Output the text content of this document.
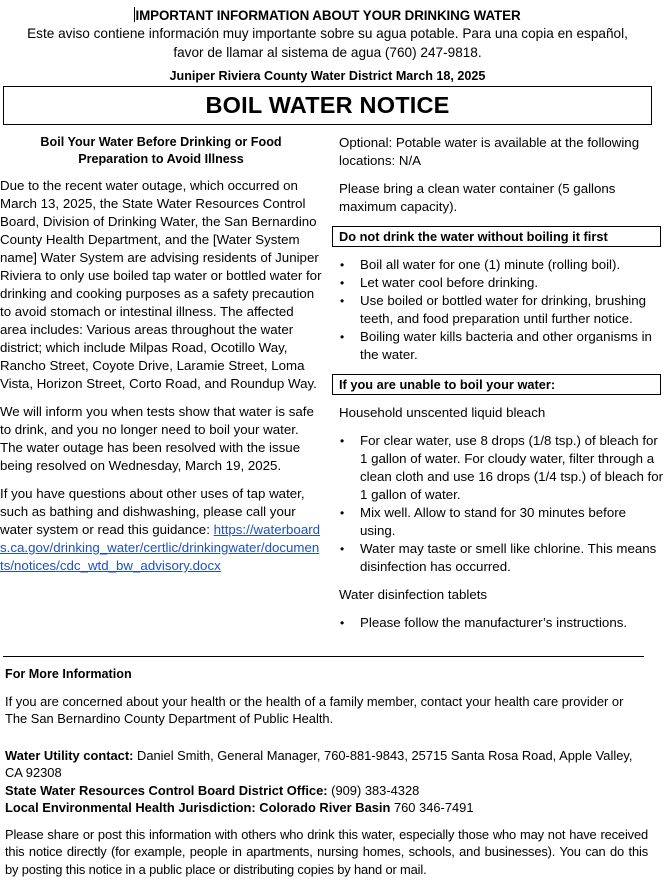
IMPORTANT INFORMATION ABOUT YOUR DRINKING WATER
Este aviso contiene información muy importante sobre su agua potable. Para una copia en español, favor de llamar al sistema de agua (760) 247-9818.
Juniper Riviera County Water District March 18, 2025
BOIL WATER NOTICE
Boil Your Water Before Drinking or Food Preparation to Avoid Illness

Due to the recent water outage, which occurred on March 13, 2025, the State Water Resources Control Board, Division of Drinking Water, the San Bernardino County Health Department, and the [Water System name] Water System are advising residents of Juniper Riviera to only use boiled tap water or bottled water for drinking and cooking purposes as a safety precaution to avoid stomach or intestinal illness. The affected area includes: Various areas throughout the water district; which include Milpas Road, Ocotillo Way, Rancho Street, Coyote Drive, Laramie Street, Loma Vista, Horizon Street, Corto Road, and Roundup Way.

We will inform you when tests show that water is safe to drink, and you no longer need to boil your water. The water outage has been resolved with the issue being resolved on Wednesday, March 19, 2025.

If you have questions about other uses of tap water, such as bathing and dishwashing, please call your water system or read this guidance: https://waterboards.ca.gov/drinking_water/certlic/drinkingwater/documents/notices/cdc_wtd_bw_advisory.docx

Optional: Potable water is available at the following locations: N/A

Please bring a clean water container (5 gallons maximum capacity).

Do not drink the water without boiling it first
• Boil all water for one (1) minute (rolling boil).
• Let water cool before drinking.
• Use boiled or bottled water for drinking, brushing teeth, and food preparation until further notice.
• Boiling water kills bacteria and other organisms in the water.
If you are unable to boil your water:

Household unscented liquid bleach

• For clear water, use 8 drops (1/8 tsp.) of bleach for 1 gallon of water. For cloudy water, filter through a clean cloth and use 16 drops (1/4 tsp.) of bleach for 1 gallon of water.
• Mix well. Allow to stand for 30 minutes before using.
• Water may taste or smell like chlorine. This means disinfection has occurred.

Water disinfection tablets

• Please follow the manufacturer’s instructions.
For More Information

If you are concerned about your health or the health of a family member, contact your health care provider or The San Bernardino County Department of Public Health.

Water Utility contact: Daniel Smith, General Manager, 760-881-9843, 25715 Santa Rosa Road, Apple Valley, CA 92308
State Water Resources Control Board District Office: (909) 383-4328
Local Environmental Health Jurisdiction: Colorado River Basin 760 346-7491

Please share or post this information with others who drink this water, especially those who may not have received this notice directly (for example, people in apartments, nursing homes, schools, and businesses). You can do this by posting this notice in a public place or distributing copies by hand or mail.
